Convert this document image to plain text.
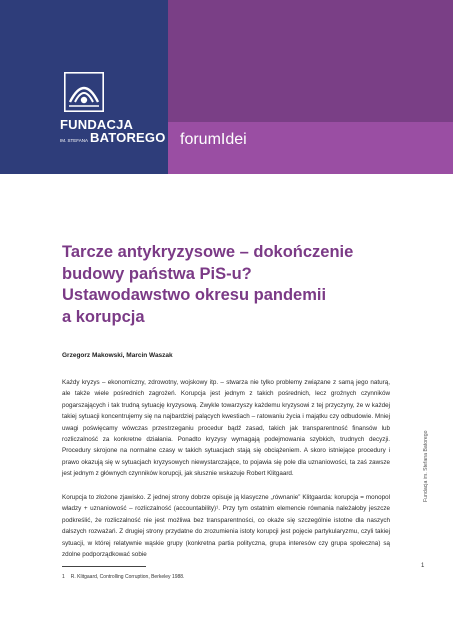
FUNDACJA
IM. STEFANA BATOREGO forumIdei
Tarcze antykryzysowe – dokończenie
budowy państwa PiS-u?
Ustawodawstwo okresu pandemii
a korupcja

Grzegorz Makowski, Marcin Waszak

Każdy kryzys – ekonomiczny, zdrowotny, wojskowy itp. – stwarza nie tylko problemy związane z samą jego naturą, ale także wiele pośrednich zagrożeń. Korupcja jest jednym z takich pośrednich, lecz groźnych czynników pogarszających i tak trudną sytuację kryzysową. Zwykle towarzyszy każdemu kryzysowi z tej przyczyny, że w każdej takiej sytuacji koncentrujemy się na najbardziej palących kwestiach – ratowaniu życia i majątku czy odbudowie. Mniej uwagi poświęcamy wówczas przestrzeganiu procedur bądź zasad, takich jak transparentność finansów lub rozliczalność za konkretne działania. Ponadto kryzysy wymagają podejmowania szybkich, trudnych decyzji. Procedury skrojone na normalne czasy w takich sytuacjach stają się obciążeniem. A skoro istniejące procedury i prawo okazują się w sytuacjach kryzysowych niewystarczające, to pojawia się pole dla uznaniowości, ta zaś zawsze jest jednym z głównych czynników korupcji, jak słusznie wskazuje Robert Klitgaard.

Korupcja to złożone zjawisko. Z jednej strony dobrze opisuje ją klasyczne „równanie” Klitgaarda: korupcja = monopol władzy + uznaniowość – rozliczalność (accountability)¹. Przy tym ostatnim elemencie równania należałoby jeszcze podkreślić, że rozliczalność nie jest możliwa bez transparentności, co okaże się szczególnie istotne dla naszych dalszych rozważań. Z drugiej strony przydatne do zrozumienia istoty korupcji jest pojęcie partykularyzmu, czyli takiej sytuacji, w której relatywnie wąskie grupy (konkretna partia polityczna, grupa interesów czy grupa społeczna) są zdolne podporządkować sobie

Fundacja im. Stefana Batorego
1

1 R. Klitgaard, Controlling Corruption, Berkeley 1988.
